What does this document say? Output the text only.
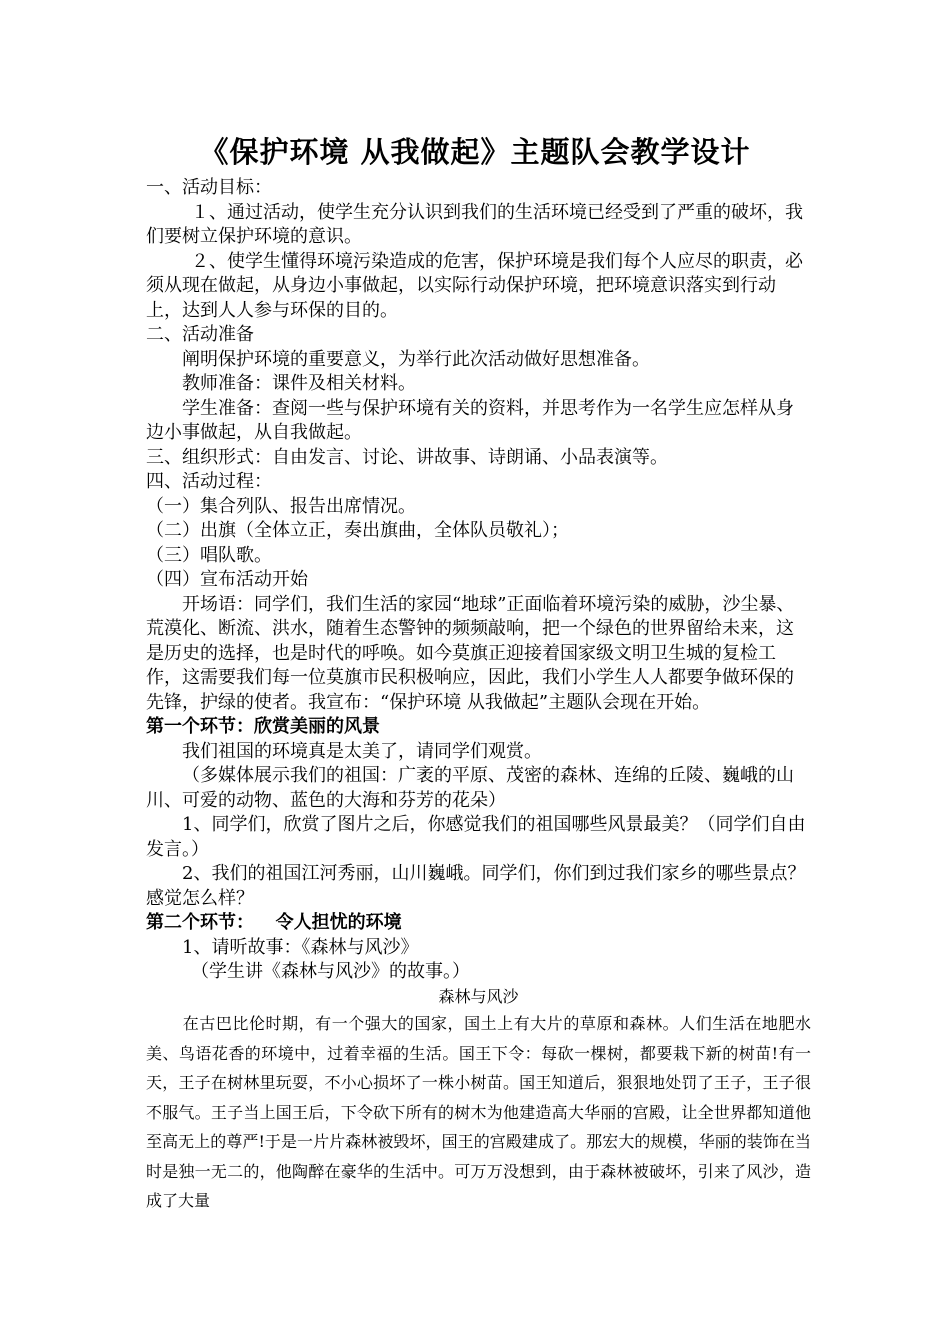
《保护环境 从我做起》主题队会教学设计

一、活动目标：

１、通过活动，使学生充分认识到我们的生活环境已经受到了严重的破坏，我们要树立保护环境的意识。

２、使学生懂得环境污染造成的危害，保护环境是我们每个人应尽的职责，必须从现在做起，从身边小事做起，以实际行动保护环境，把环境意识落实到行动上，达到人人参与环保的目的。

二、活动准备

阐明保护环境的重要意义，为举行此次活动做好思想准备。

教师准备：课件及相关材料。

学生准备：查阅一些与保护环境有关的资料，并思考作为一名学生应怎样从身边小事做起，从自我做起。

三、组织形式：自由发言、讨论、讲故事、诗朗诵、小品表演等。

四、活动过程：

（一）集合列队、报告出席情况。

（二）出旗（全体立正，奏出旗曲，全体队员敬礼）；

（三）唱队歌。

（四）宣布活动开始

开场语：同学们，我们生活的家园“地球”正面临着环境污染的威胁，沙尘暴、荒漠化、断流、洪水，随着生态警钟的频频敲响，把一个绿色的世界留给未来，这是历史的选择，也是时代的呼唤。如今莫旗正迎接着国家级文明卫生城的复检工作，这需要我们每一位莫旗市民积极响应，因此，我们小学生人人都要争做环保的先锋，护绿的使者。我宣布：“保护环境 从我做起”主题队会现在开始。

第一个环节：欣赏美丽的风景

我们祖国的环境真是太美了，请同学们观赏。

（多媒体展示我们的祖国：广袤的平原、茂密的森林、连绵的丘陵、巍峨的山川、可爱的动物、蓝色的大海和芬芳的花朵）

1、同学们，欣赏了图片之后，你感觉我们的祖国哪些风景最美？（同学们自由发言。）

2、我们的祖国江河秀丽，山川巍峨。同学们，你们到过我们家乡的哪些景点？感觉怎么样？

第二个环节： 令人担忧的环境

1、请听故事：《森林与风沙》

（学生讲《森林与风沙》的故事。）

森林与风沙

在古巴比伦时期，有一个强大的国家，国土上有大片的草原和森林。人们生活在地肥水美、鸟语花香的环境中，过着幸福的生活。国王下令：每砍一棵树，都要栽下新的树苗!有一天，王子在树林里玩耍，不小心损坏了一株小树苗。国王知道后，狠狠地处罚了王子，王子很不服气。王子当上国王后，下令砍下所有的树木为他建造高大华丽的宫殿，让全世界都知道他至高无上的尊严!于是一片片森林被毁坏，国王的宫殿建成了。那宏大的规模，华丽的装饰在当时是独一无二的，他陶醉在豪华的生活中。可万万没想到，由于森林被破坏，引来了风沙，造成了大量
